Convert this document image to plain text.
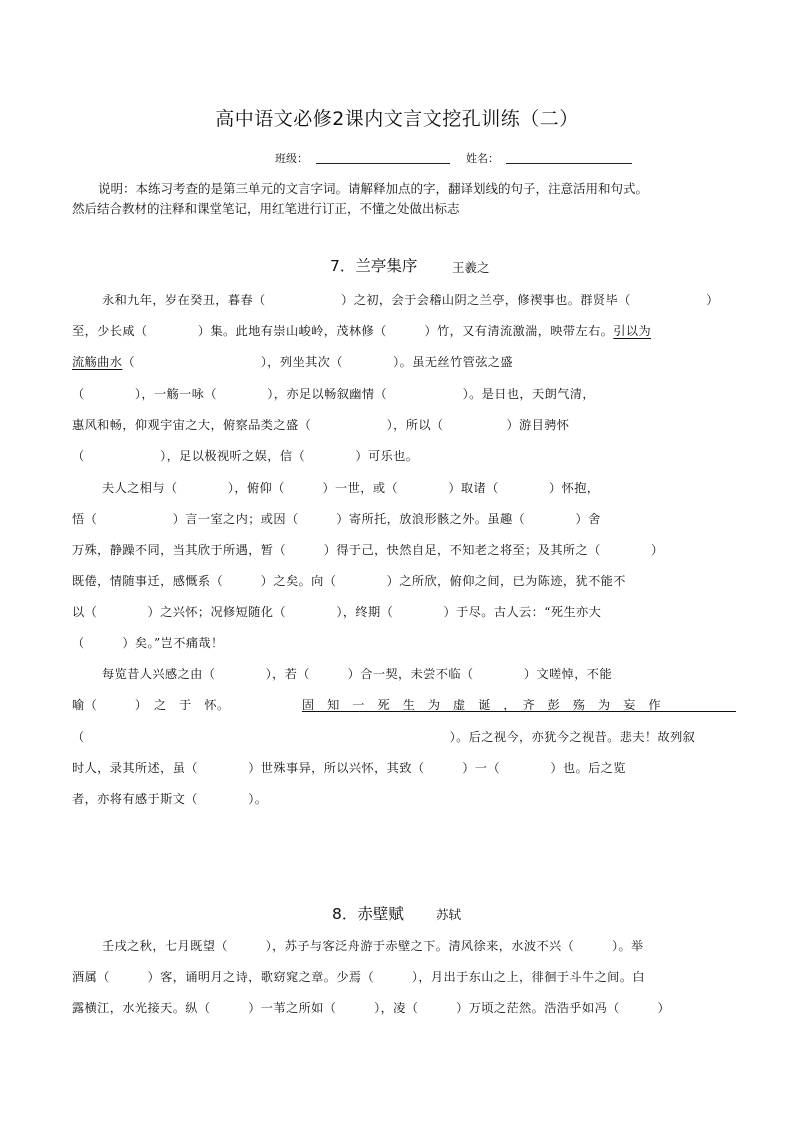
高中语文必修2课内文言文挖孔训练（二）
班级：	姓名：
说明：本练习考查的是第三单元的文言字词。请解释加点的字，翻译划线的句子，注意活用和句式。
然后结合教材的注释和课堂笔记，用红笔进行订正，不懂之处做出标志
7．兰亭集序	王羲之
永和九年，岁在癸丑，暮春（　　　　　　）之初，会于会稽山阴之兰亭，修禊事也。群贤毕（　　　　　　）
至，少长咸（　　　　）集。此地有崇山峻岭，茂林修（　　　）竹，又有清流激湍，映带左右。引以为
流觞曲水（　　　　　　　　　　），列坐其次（　　　　）。虽无丝竹管弦之盛
（　　　　），一觞一咏（　　　　），亦足以畅叙幽情（　　　　　　）。是日也，天朗气清，
惠风和畅，仰观宇宙之大，俯察品类之盛（　　　　　　），所以（　　　　　）游目骋怀
（　　　　　　），足以极视听之娱，信（　　　　）可乐也。
夫人之相与（　　　　），俯仰（　　　）一世，或（　　　　）取诸（　　　　）怀抱，
悟（　　　　　　）言一室之内；或因（　　　）寄所托，放浪形骸之外。虽趣（　　　　）舍
万殊，静躁不同，当其欣于所遇，暂（　　　）得于己，快然自足，不知老之将至；及其所之（　　　　）
既倦，情随事迁，感慨系（　　　）之矣。向（　　　　）之所欣，俯仰之间，已为陈迹，犹不能不
以（　　　　）之兴怀；况修短随化（　　　　），终期（　　　　）于尽。古人云：“死生亦大
（　　　）矣。”岂不痛哉！
每览昔人兴感之由（　　　　），若（　　　）合一契，未尝不临（　　　　）文嗟悼，不能
喻（　　　）　之　于　怀。	固　知　一　死　生　为　虚　诞　，　齐　彭　殇　为　妄　作
（　　　　　　　　　　　　　　　　　　　　　　　　　　　　　）。后之视今，亦犹今之视昔。悲夫！故列叙
时人，录其所述，虽（　　　　）世殊事异，所以兴怀，其致（　　　）一（　　　　）也。后之览
者，亦将有感于斯文（　　　　）。
8．赤壁赋	苏轼
壬戌之秋，七月既望（　　　），苏子与客泛舟游于赤壁之下。清风徐来，水波不兴（　　　）。举
酒属（　　　）客，诵明月之诗，歌窈窕之章。少焉（　　　），月出于东山之上，徘徊于斗牛之间。白
露横江，水光接天。纵（　　　）一苇之所如（　　　），凌（　　　）万顷之茫然。浩浩乎如冯（　　　）
